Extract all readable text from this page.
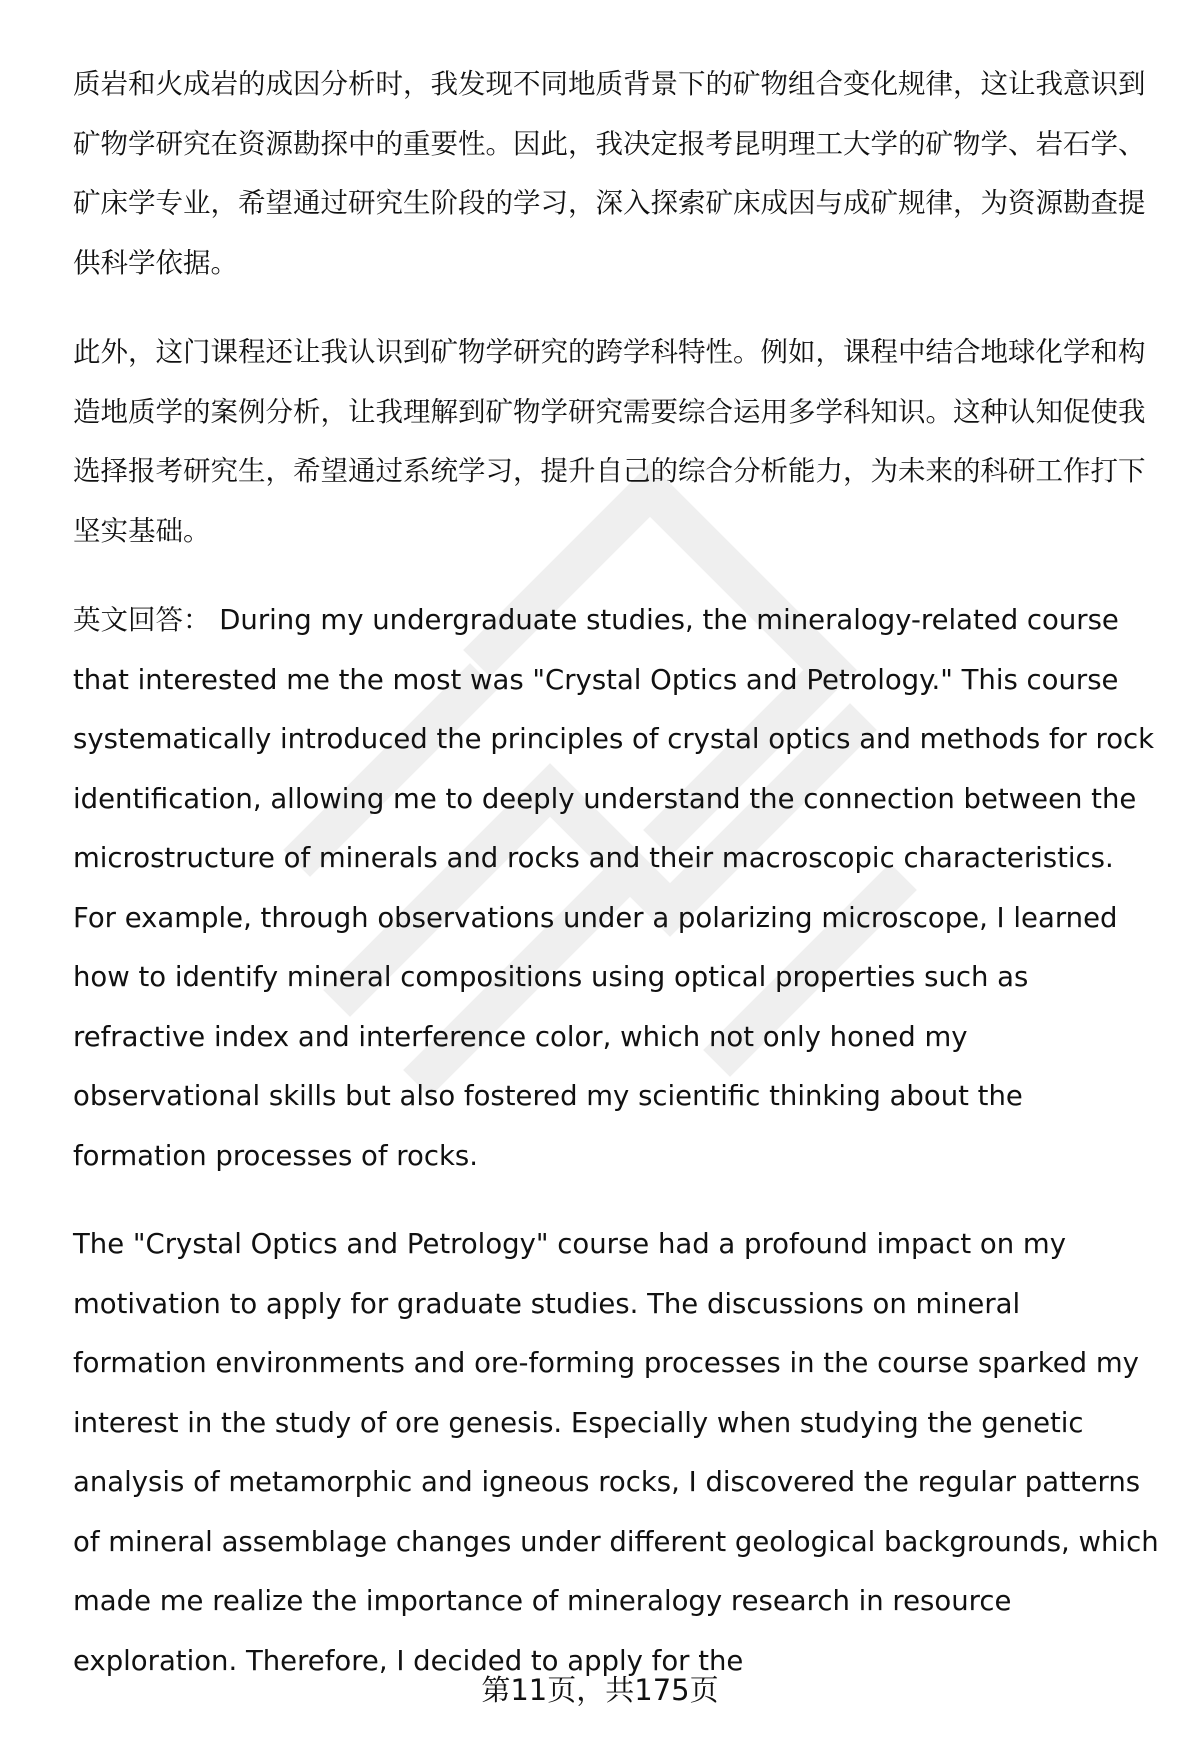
质岩和火成岩的成因分析时，我发现不同地质背景下的矿物组合变化规律，这让我意识到矿物学研究在资源勘探中的重要性。因此，我决定报考昆明理工大学的矿物学、岩石学、矿床学专业，希望通过研究生阶段的学习，深入探索矿床成因与成矿规律，为资源勘查提供科学依据。

此外，这门课程还让我认识到矿物学研究的跨学科特性。例如，课程中结合地球化学和构造地质学的案例分析，让我理解到矿物学研究需要综合运用多学科知识。这种认知促使我选择报考研究生，希望通过系统学习，提升自己的综合分析能力，为未来的科研工作打下坚实基础。

英文回答： During my undergraduate studies, the mineralogy-related course that interested me the most was "Crystal Optics and Petrology." This course systematically introduced the principles of crystal optics and methods for rock identification, allowing me to deeply understand the connection between the microstructure of minerals and rocks and their macroscopic characteristics. For example, through observations under a polarizing microscope, I learned how to identify mineral compositions using optical properties such as refractive index and interference color, which not only honed my observational skills but also fostered my scientific thinking about the formation processes of rocks.

The "Crystal Optics and Petrology" course had a profound impact on my motivation to apply for graduate studies. The discussions on mineral formation environments and ore-forming processes in the course sparked my interest in the study of ore genesis. Especially when studying the genetic analysis of metamorphic and igneous rocks, I discovered the regular patterns of mineral assemblage changes under different geological backgrounds, which made me realize the importance of mineralogy research in resource exploration. Therefore, I decided to apply for the

第11页，共175页
